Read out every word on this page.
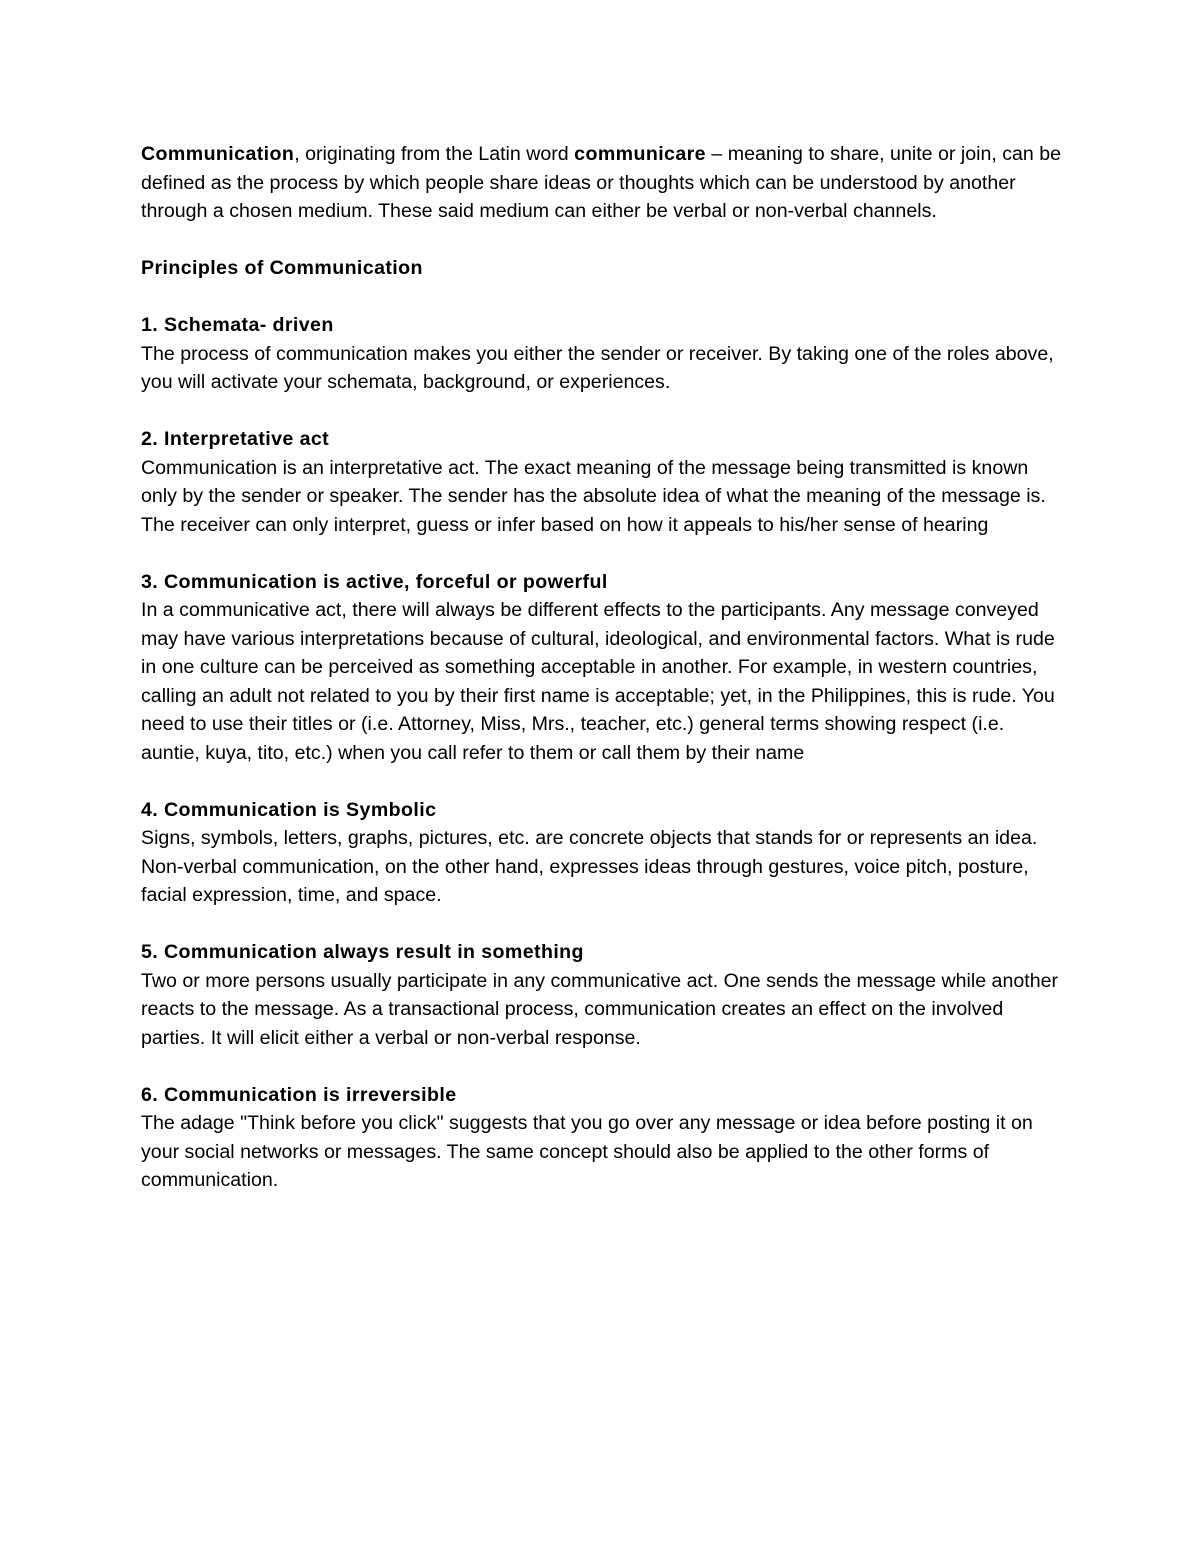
Communication, originating from the Latin word communicare – meaning to share, unite or join, can be defined as the process by which people share ideas or thoughts which can be understood by another through a chosen medium. These said medium can either be verbal or non-verbal channels.

Principles of Communication

1. Schemata- driven

The process of communication makes you either the sender or receiver. By taking one of the roles above, you will activate your schemata, background, or experiences.

2. Interpretative act

Communication is an interpretative act. The exact meaning of the message being transmitted is known only by the sender or speaker. The sender has the absolute idea of what the meaning of the message is. The receiver can only interpret, guess or infer based on how it appeals to his/her sense of hearing

3. Communication is active, forceful or powerful

In a communicative act, there will always be different effects to the participants. Any message conveyed may have various interpretations because of cultural, ideological, and environmental factors. What is rude in one culture can be perceived as something acceptable in another. For example, in western countries, calling an adult not related to you by their first name is acceptable; yet, in the Philippines, this is rude. You need to use their titles or (i.e. Attorney, Miss, Mrs., teacher, etc.) general terms showing respect (i.e. auntie, kuya, tito, etc.) when you call refer to them or call them by their name

4. Communication is Symbolic

Signs, symbols, letters, graphs, pictures, etc. are concrete objects that stands for or represents an idea. Non-verbal communication, on the other hand, expresses ideas through gestures, voice pitch, posture, facial expression, time, and space.

5. Communication always result in something

Two or more persons usually participate in any communicative act. One sends the message while another reacts to the message. As a transactional process, communication creates an effect on the involved parties. It will elicit either a verbal or non-verbal response.

6. Communication is irreversible

The adage "Think before you click" suggests that you go over any message or idea before posting it on your social networks or messages. The same concept should also be applied to the other forms of communication.
